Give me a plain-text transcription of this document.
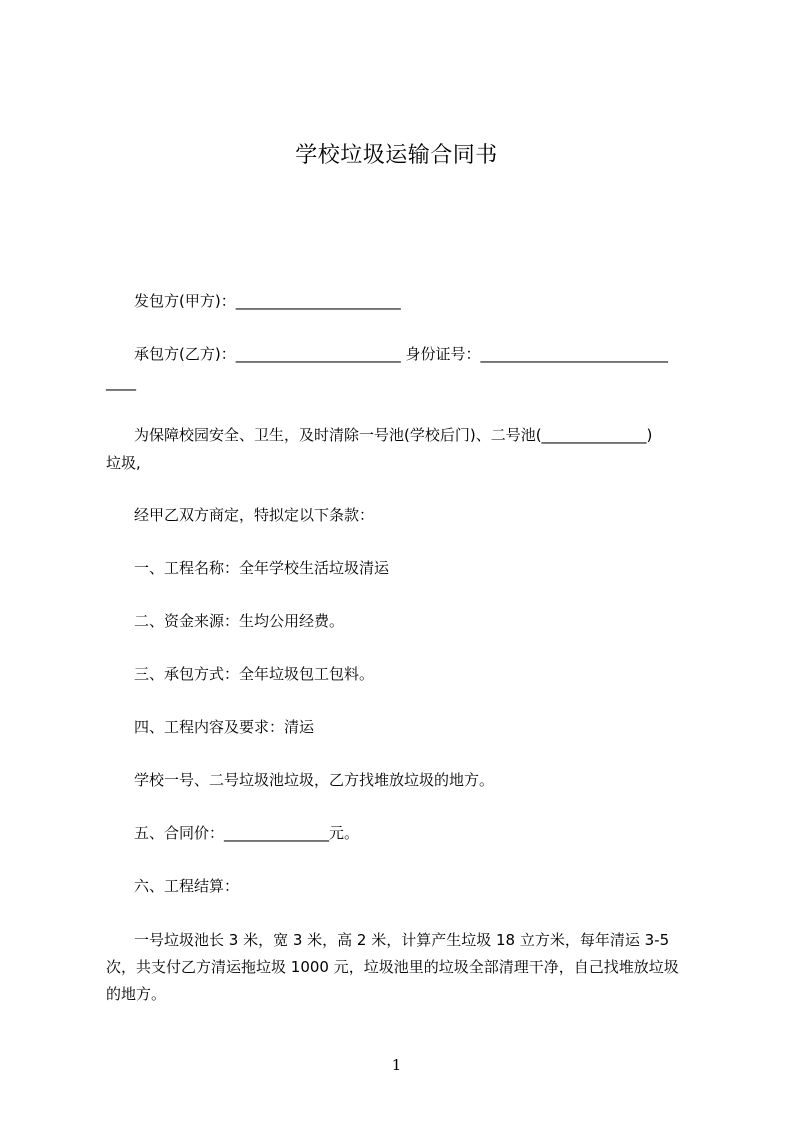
学校垃圾运输合同书
发包方(甲方)：______________________
承包方(乙方)：______________________ 身份证号：_________________________
____
为保障校园安全、卫生，及时清除一号池(学校后门)、二号池(______________)
垃圾,
经甲乙双方商定，特拟定以下条款：
一、工程名称：全年学校生活垃圾清运
二、资金来源：生均公用经费。
三、承包方式：全年垃圾包工包料。
四、工程内容及要求：清运
学校一号、二号垃圾池垃圾，乙方找堆放垃圾的地方。
五、合同价：______________元。
六、工程结算：
一号垃圾池长 3 米，宽 3 米，高 2 米，计算产生垃圾 18 立方米，每年清运 3-5
次，共支付乙方清运拖垃圾 1000 元，垃圾池里的垃圾全部清理干净，自己找堆放垃圾
的地方。
1
